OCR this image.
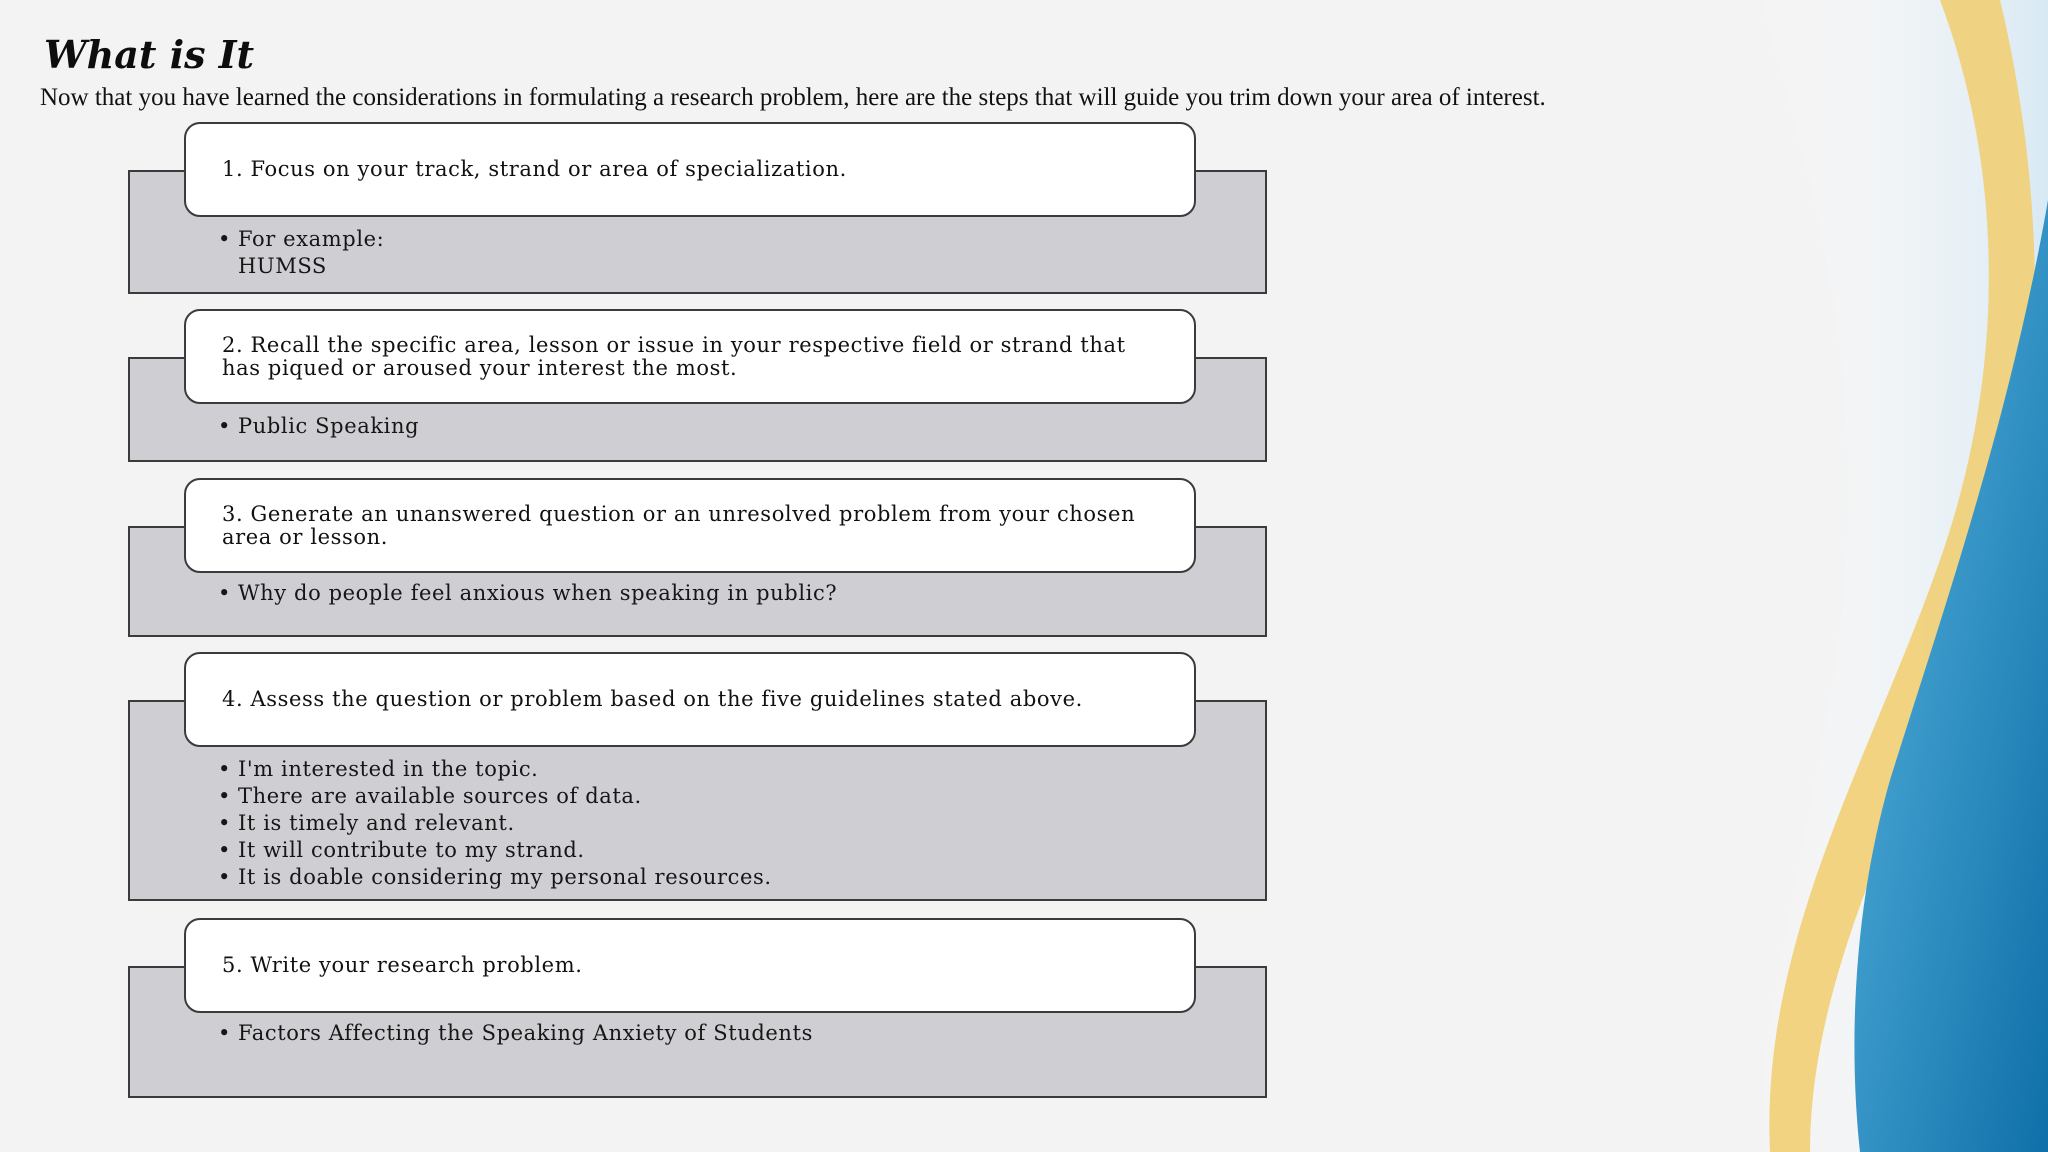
What is It
Now that you have learned the considerations in formulating a research problem, here are the steps that will guide you trim down your area of interest.
1. Focus on your track, strand or area of specialization.
• For example:
HUMSS
2. Recall the specific area, lesson or issue in your respective field or strand that has piqued or aroused your interest the most.
• Public Speaking
3. Generate an unanswered question or an unresolved problem from your chosen area or lesson.
• Why do people feel anxious when speaking in public?
4. Assess the question or problem based on the five guidelines stated above.
• I'm interested in the topic.
• There are available sources of data.
• It is timely and relevant.
• It will contribute to my strand.
• It is doable considering my personal resources.
5. Write your research problem.
• Factors Affecting the Speaking Anxiety of Students
